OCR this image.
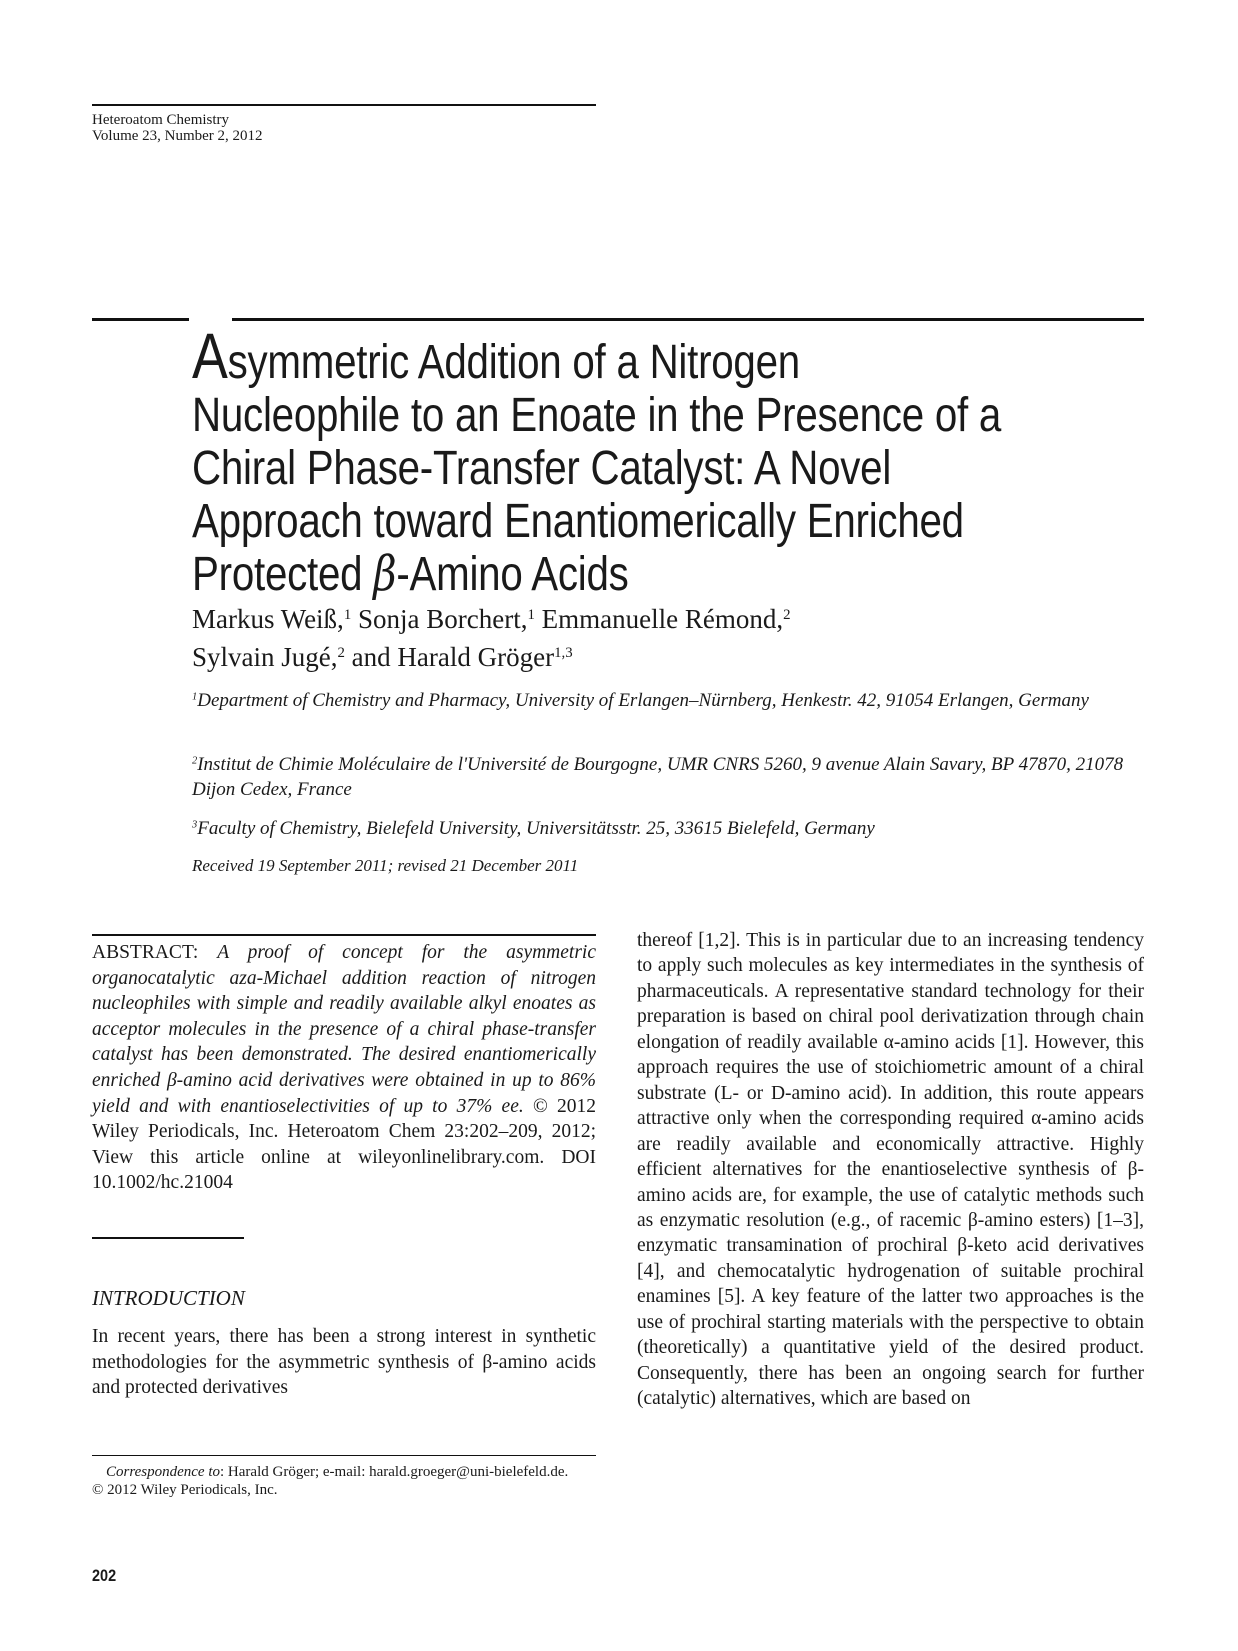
Heteroatom Chemistry
Volume 23, Number 2, 2012
Asymmetric Addition of a Nitrogen
Nucleophile to an Enoate in the Presence of a
Chiral Phase-Transfer Catalyst: A Novel
Approach toward Enantiomerically Enriched
Protected β-Amino Acids
Markus Weiß,$^1$ Sonja Borchert,$^1$ Emmanuelle Rémond,$^2$
Sylvain Jugé,$^2$ and Harald Gröger$^{1,3}$
$^1$Department of Chemistry and Pharmacy, University of Erlangen–Nürnberg, Henkestr. 42, 91054 Erlangen, Germany
$^2$Institut de Chimie Moléculaire de l'Université de Bourgogne, UMR CNRS 5260, 9 avenue Alain Savary, BP 47870, 21078 Dijon Cedex, France
$^3$Faculty of Chemistry, Bielefeld University, Universitätsstr. 25, 33615 Bielefeld, Germany
Received 19 September 2011; revised 21 December 2011
ABSTRACT: A proof of concept for the asymmetric organocatalytic aza-Michael addition reaction of nitrogen nucleophiles with simple and readily available alkyl enoates as acceptor molecules in the presence of a chiral phase-transfer catalyst has been demonstrated. The desired enantiomerically enriched β-amino acid derivatives were obtained in up to 86% yield and with enantioselectivities of up to 37% ee. © 2012 Wiley Periodicals, Inc. Heteroatom Chem 23:202–209, 2012; View this article online at wileyonlinelibrary.com. DOI 10.1002/hc.21004
INTRODUCTION
In recent years, there has been a strong interest in synthetic methodologies for the asymmetric synthesis of β-amino acids and protected derivatives
Correspondence to: Harald Gröger; e-mail: harald.groeger@uni-bielefeld.de.
© 2012 Wiley Periodicals, Inc.
thereof [1,2]. This is in particular due to an increasing tendency to apply such molecules as key intermediates in the synthesis of pharmaceuticals. A representative standard technology for their preparation is based on chiral pool derivatization through chain elongation of readily available α-amino acids [1]. However, this approach requires the use of stoichiometric amount of a chiral substrate (L- or D-amino acid). In addition, this route appears attractive only when the corresponding required α-amino acids are readily available and economically attractive. Highly efficient alternatives for the enantioselective synthesis of β-amino acids are, for example, the use of catalytic methods such as enzymatic resolution (e.g., of racemic β-amino esters) [1–3], enzymatic transamination of prochiral β-keto acid derivatives [4], and chemocatalytic hydrogenation of suitable prochiral enamines [5]. A key feature of the latter two approaches is the use of prochiral starting materials with the perspective to obtain (theoretically) a quantitative yield of the desired product. Consequently, there has been an ongoing search for further (catalytic) alternatives, which are based on
202
